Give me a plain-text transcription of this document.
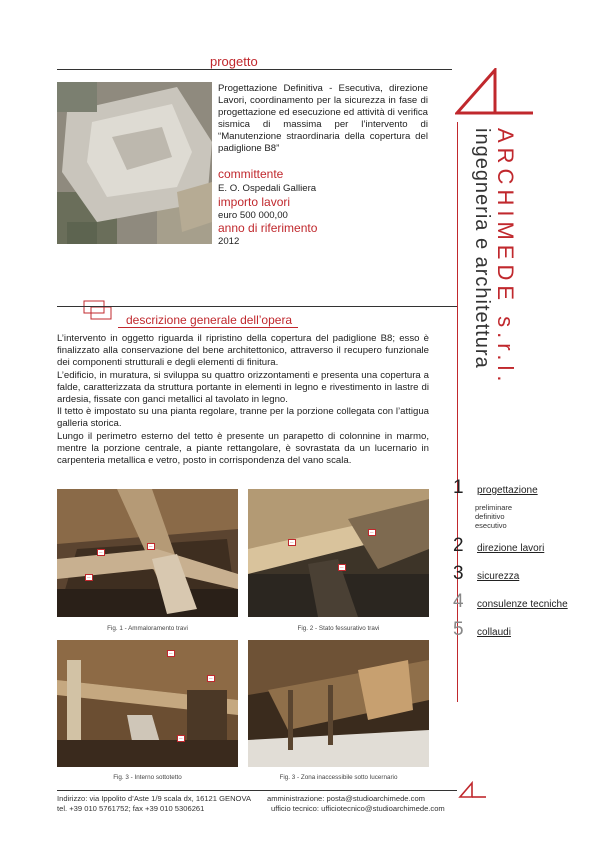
progetto
Progettazione Definitiva - Esecutiva, direzione Lavori, coordinamento per la sicurezza in fase di progettazione ed esecuzione ed attività di verifica sismica di massima per l’intervento di “Manutenzione straordinaria della copertura del padiglione B8”
committente
E. O. Ospedali Galliera
importo lavori
euro 500 000,00
anno di riferimento
2012	ARCHIMEDE s.r.l.
ingegneria e architettura
descrizione generale dell’opera

L’intervento in oggetto riguarda il ripristino della copertura del padiglione B8; esso è finalizzato alla conservazione del bene architettonico, attraverso il recupero funzionale dei componenti strutturali e degli elementi di finitura.

L’edificio, in muratura, si sviluppa su quattro orizzontamenti e presenta una copertura a falde, caratterizzata da struttura portante in elementi in legno e rivestimento in lastre di ardesia, fissate con ganci metallici al tavolato in legno.

Il tetto è impostato su una pianta regolare, tranne per la porzione collegata con l’attigua galleria storica.

Lungo il perimetro esterno del tetto è presente un parapetto di colonnine in marmo, mentre la porzione centrale, a piante rettangolare, è sovrastata da un lucernario in carpenteria metallica e vetro, posto in corrispondenza del vano scala.

1 progettazione
preliminare
definitivo
esecutivo
2 direzione lavori
3 sicurezza
4 consulenze tecniche
5 collaudi
—
—
—
Fig. 1 - Ammaloramento travi
—
—
—
Fig. 2 - Stato fessurativo travi
—
—
—
Fig. 3 - Interno sottotetto	Fig. 3 - Zona inaccessibile sotto lucernario
Indirizzo: via Ippolito d’Aste 1/9 scala dx, 16121 GENOVA
tel. +39 010 5761752; fax +39 010 5306261
amministrazione: posta@studioarchimede.com
ufficio tecnico: ufficiotecnico@studioarchimede.com
